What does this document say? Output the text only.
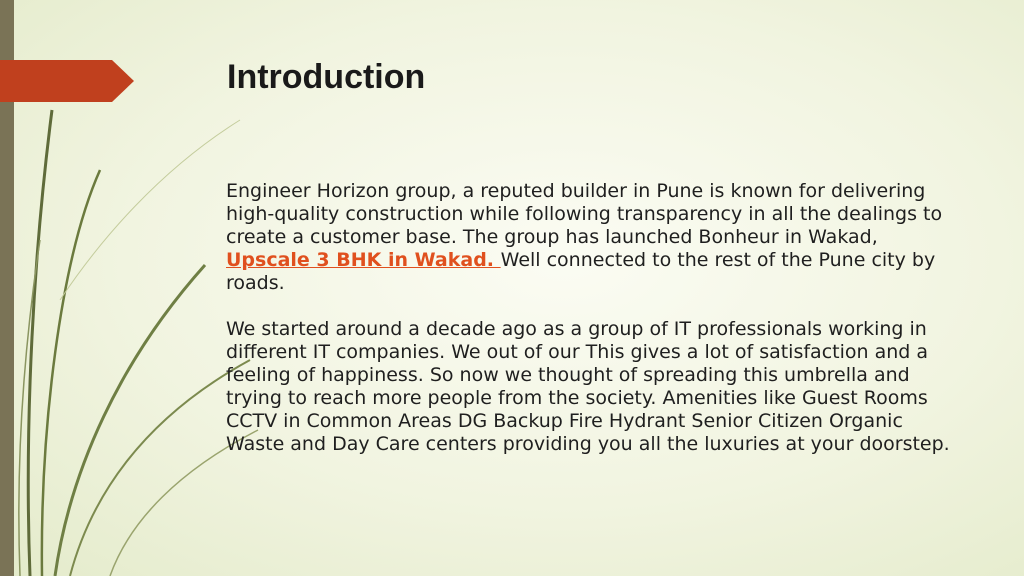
Introduction

Engineer Horizon group, a reputed builder in Pune is known for delivering high-quality construction while following transparency in all the dealings to create a customer base. The group has launched Bonheur in Wakad, Upscale 3 BHK in Wakad. Well connected to the rest of the Pune city by roads.

We started around a decade ago as a group of IT professionals working in different IT companies. We out of our This gives a lot of satisfaction and a feeling of happiness. So now we thought of spreading this umbrella and trying to reach more people from the society. Amenities like Guest Rooms CCTV in Common Areas DG Backup Fire Hydrant Senior Citizen Organic Waste and Day Care centers providing you all the luxuries at your doorstep.
